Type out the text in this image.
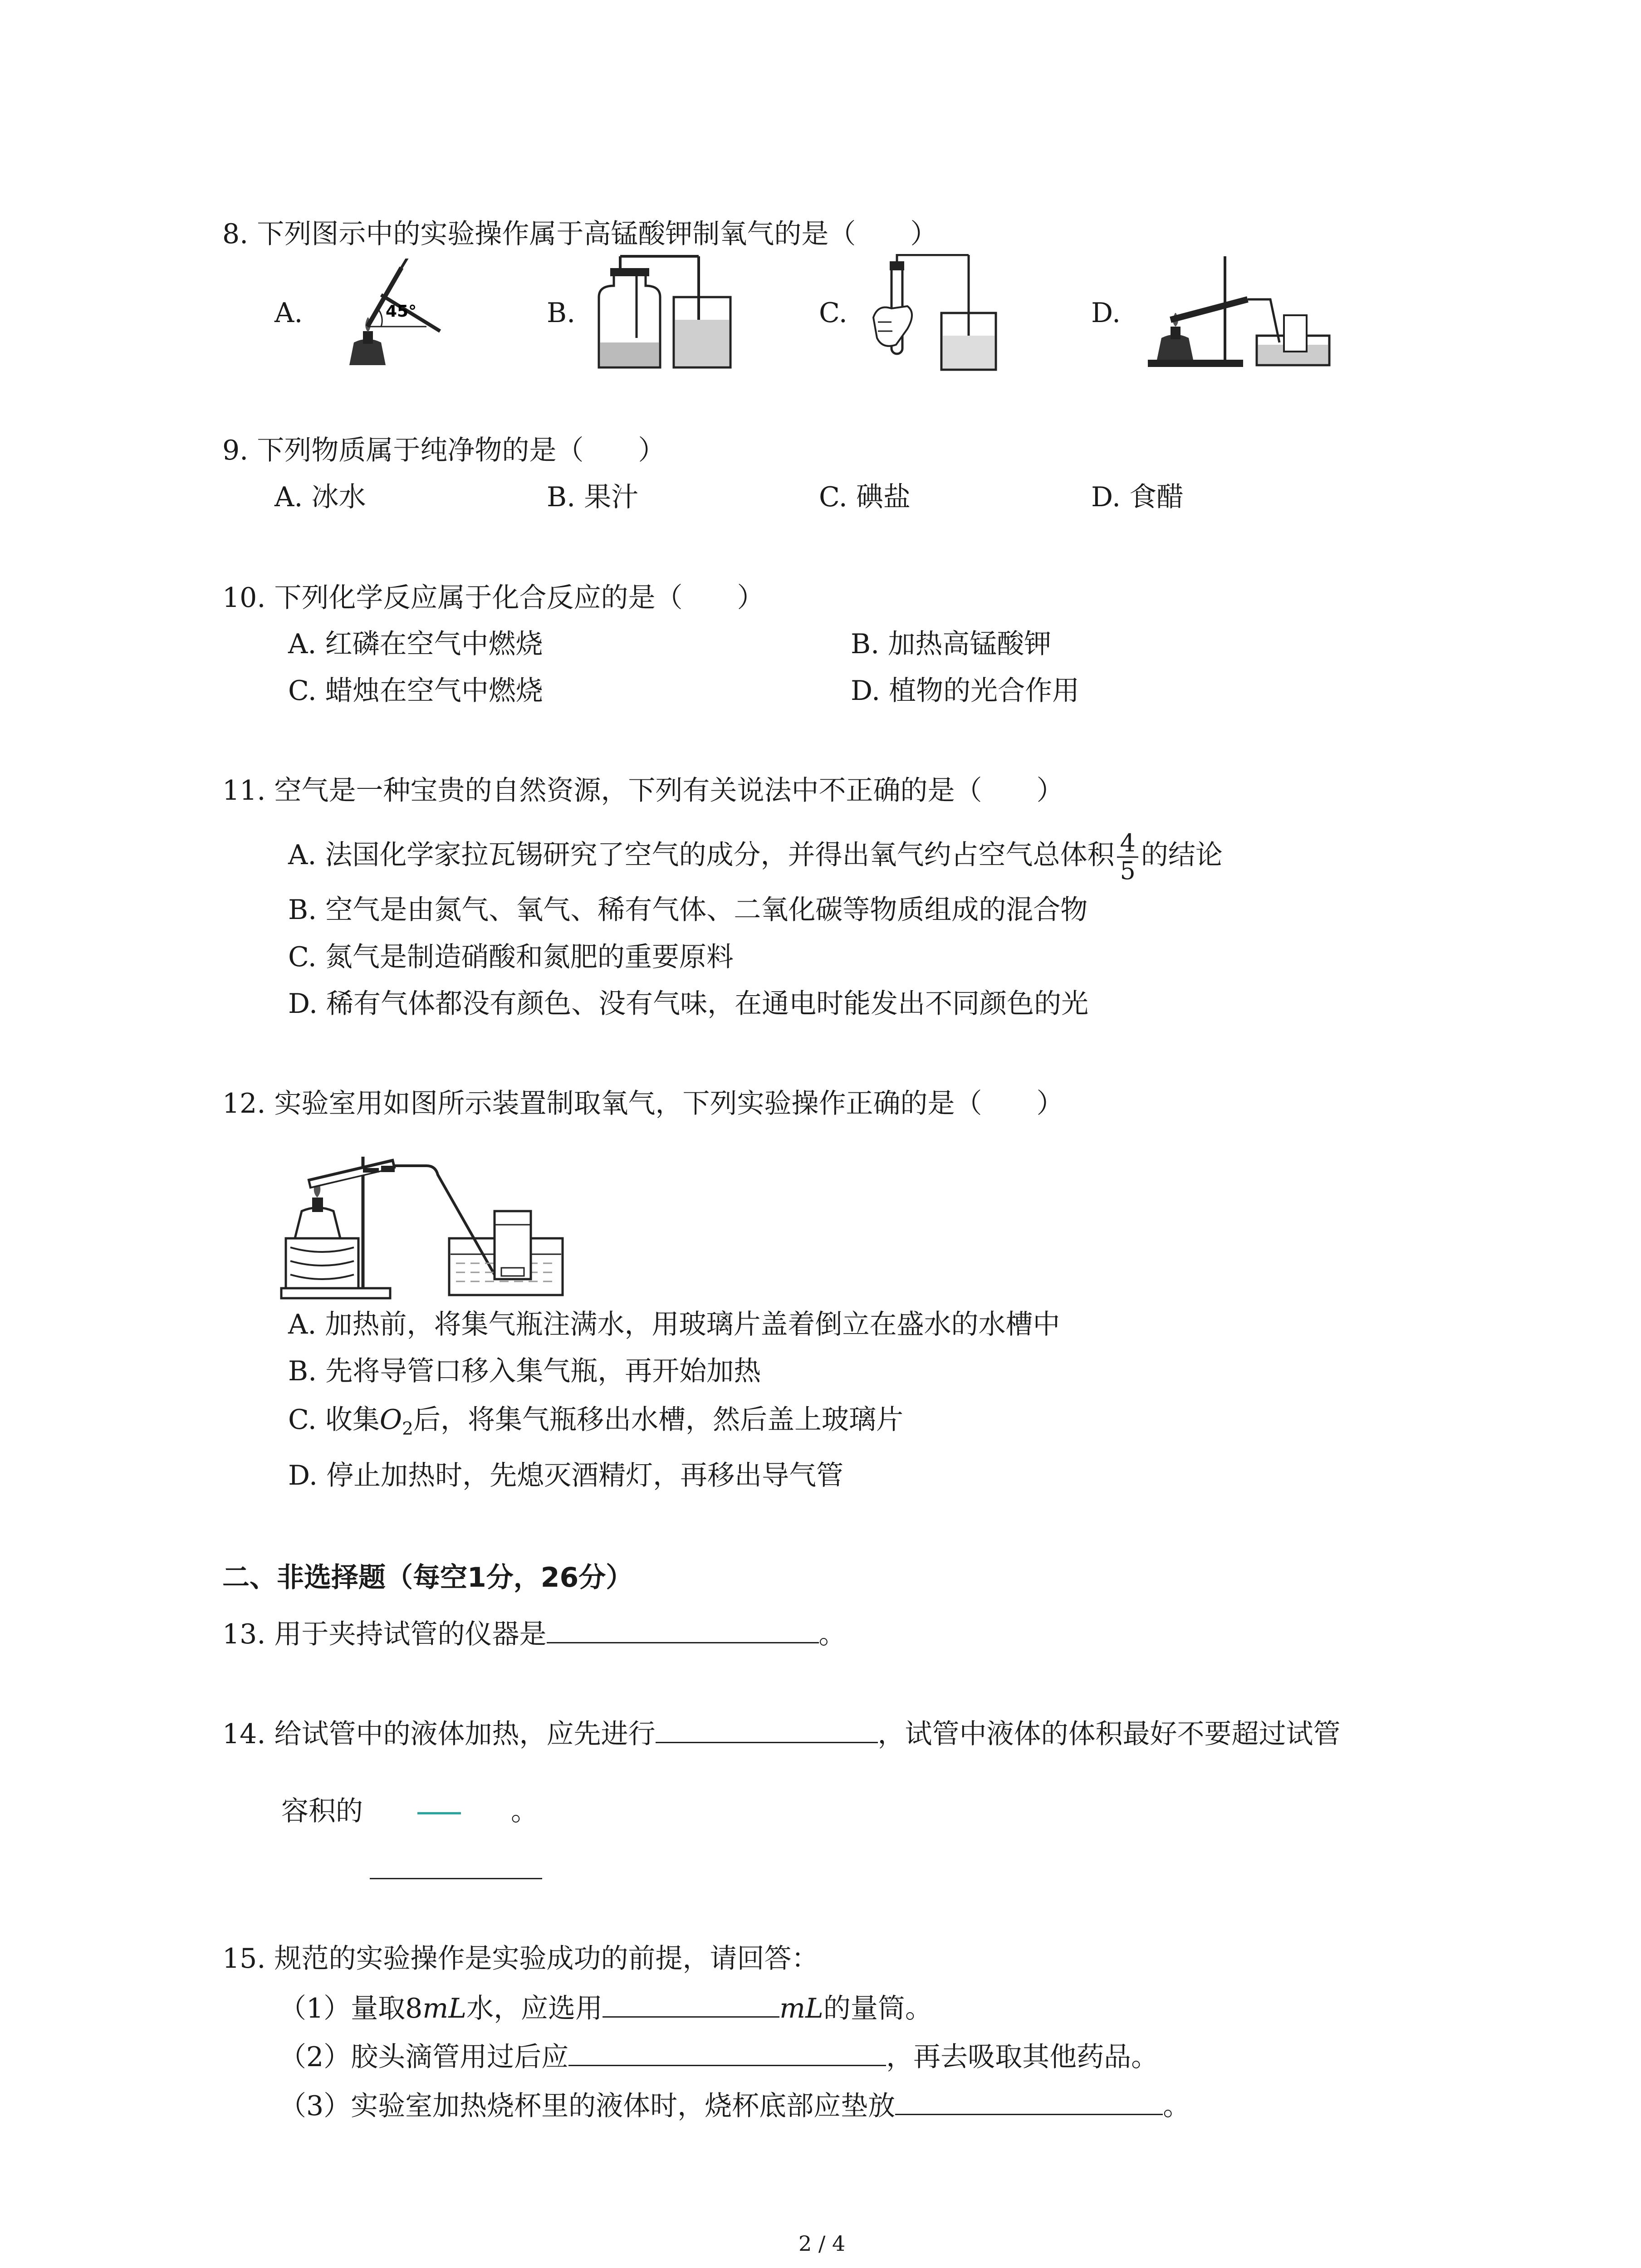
8. 下列图示中的实验操作属于高锰酸钾制氧气的是（　　）
A.	B.	C.	D.
45°
9. 下列物质属于纯净物的是（　　）
A. 冰水	B. 果汁	C. 碘盐	D. 食醋
10. 下列化学反应属于化合反应的是（　　）
A. 红磷在空气中燃烧	B. 加热高锰酸钾
C. 蜡烛在空气中燃烧	D. 植物的光合作用
11. 空气是一种宝贵的自然资源，下列有关说法中不正确的是（　　）
A. 法国化学家拉瓦锡研究了空气的成分，并得出氧气约占空气总体积 $\frac{4}{5}$ 的结论
B. 空气是由氮气、氧气、稀有气体、二氧化碳等物质组成的混合物
C. 氮气是制造硝酸和氮肥的重要原料
D. 稀有气体都没有颜色、没有气味，在通电时能发出不同颜色的光
12. 实验室用如图所示装置制取氧气，下列实验操作正确的是（　　）
A. 加热前，将集气瓶注满水，用玻璃片盖着倒立在盛水的水槽中
B. 先将导管口移入集气瓶，再开始加热
C. 收集$O_2$后，将集气瓶移出水槽，然后盖上玻璃片
D. 停止加热时，先熄灭酒精灯，再移出导气管
二、非选择题（每空1分，26分）
13. 用于夹持试管的仪器是	。
14. 给试管中的液体加热，应先进行	，试管中液体的体积最好不要超过试管
容积的	。
15. 规范的实验操作是实验成功的前提，请回答：
（1）量取8mL水，应选用	mL的量筒。
（2）胶头滴管用过后应	，再去吸取其他药品。
（3）实验室加热烧杯里的液体时，烧杯底部应垫放	。
2 / 4
